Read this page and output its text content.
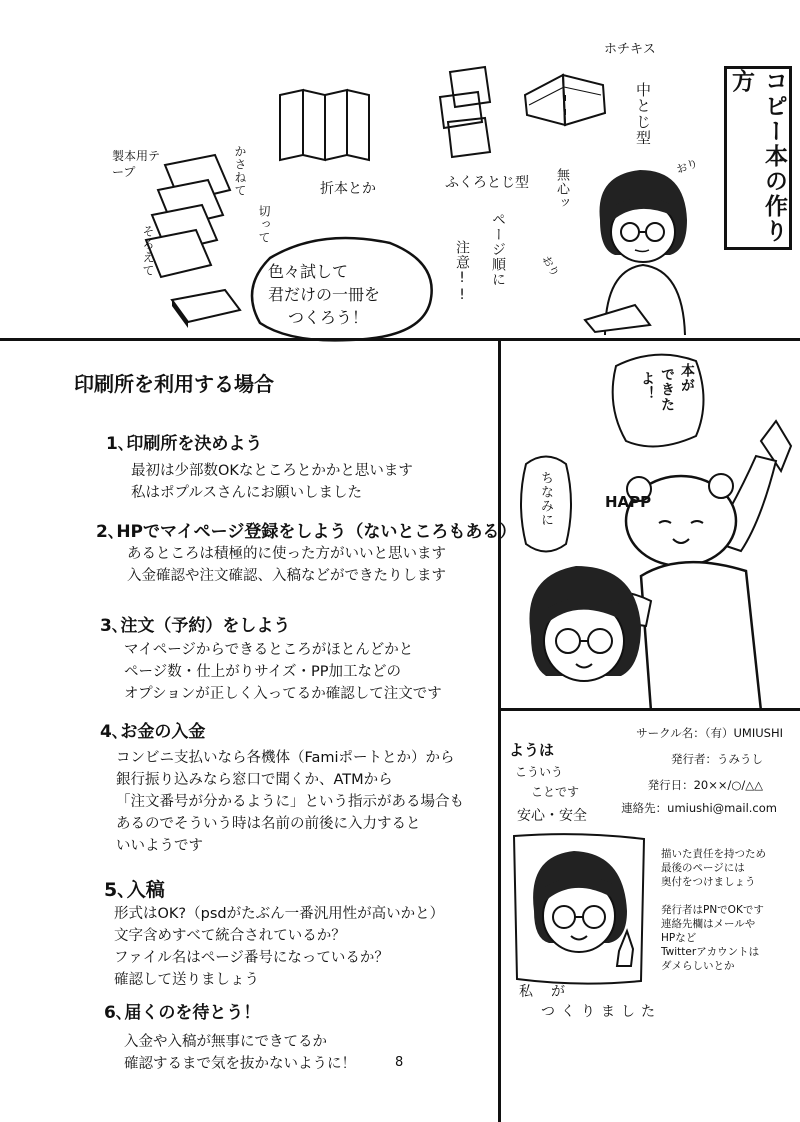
ホチキス
中とじ型
ふくろとじ型
折本とか
製本用テープ	かさねて
切って
そろえて	色々試して
君だけの一冊を
つくろう！
ページ順に
注意!!
無心ッ
おり
おり
コピー本の作り方
印刷所を利用する場合
1､印刷所を決めよう
最初は少部数OKなところとかかと思います
私はポプルスさんにお願いしました
2､HPでマイページ登録をしよう（ないところもある）
あるところは積極的に使った方がいいと思います
入金確認や注文確認、入稿などができたりします
3､注文（予約）をしよう
マイページからできるところがほとんどかと
ページ数・仕上がりサイズ・PP加工などの
オプションが正しく入ってるか確認して注文です
4､お金の入金
コンビニ支払いなら各機体（Famiポートとか）から
銀行振り込みなら窓口で聞くか、ATMから
「注文番号が分かるように」という指示がある場合も
あるのでそういう時は名前の前後に入力すると
いいようです
5､入稿
形式はOK?（psdがたぶん一番汎用性が高いかと）
文字含めすべて統合されているか？
ファイル名はページ番号になっているか？
確認して送りましょう
6､届くのを待とう！
入金や入稿が無事にできてるか
確認するまで気を抜かないように！	8
本が
できた
よ！
ちなみに	HAPP
ようは
こういう
ことです
安心・安全
サークル名：（有）UMIUSHI
発行者：うみうし
発行日：20××/○/△△
連絡先：umiushi@mail.com
描いた責任を持つため
最後のページには
奥付をつけましょう
発行者はPNでOKです
連絡先欄はメールや
HPなど
Twitterアカウントは
ダメらしいとか
私が
つくりました
